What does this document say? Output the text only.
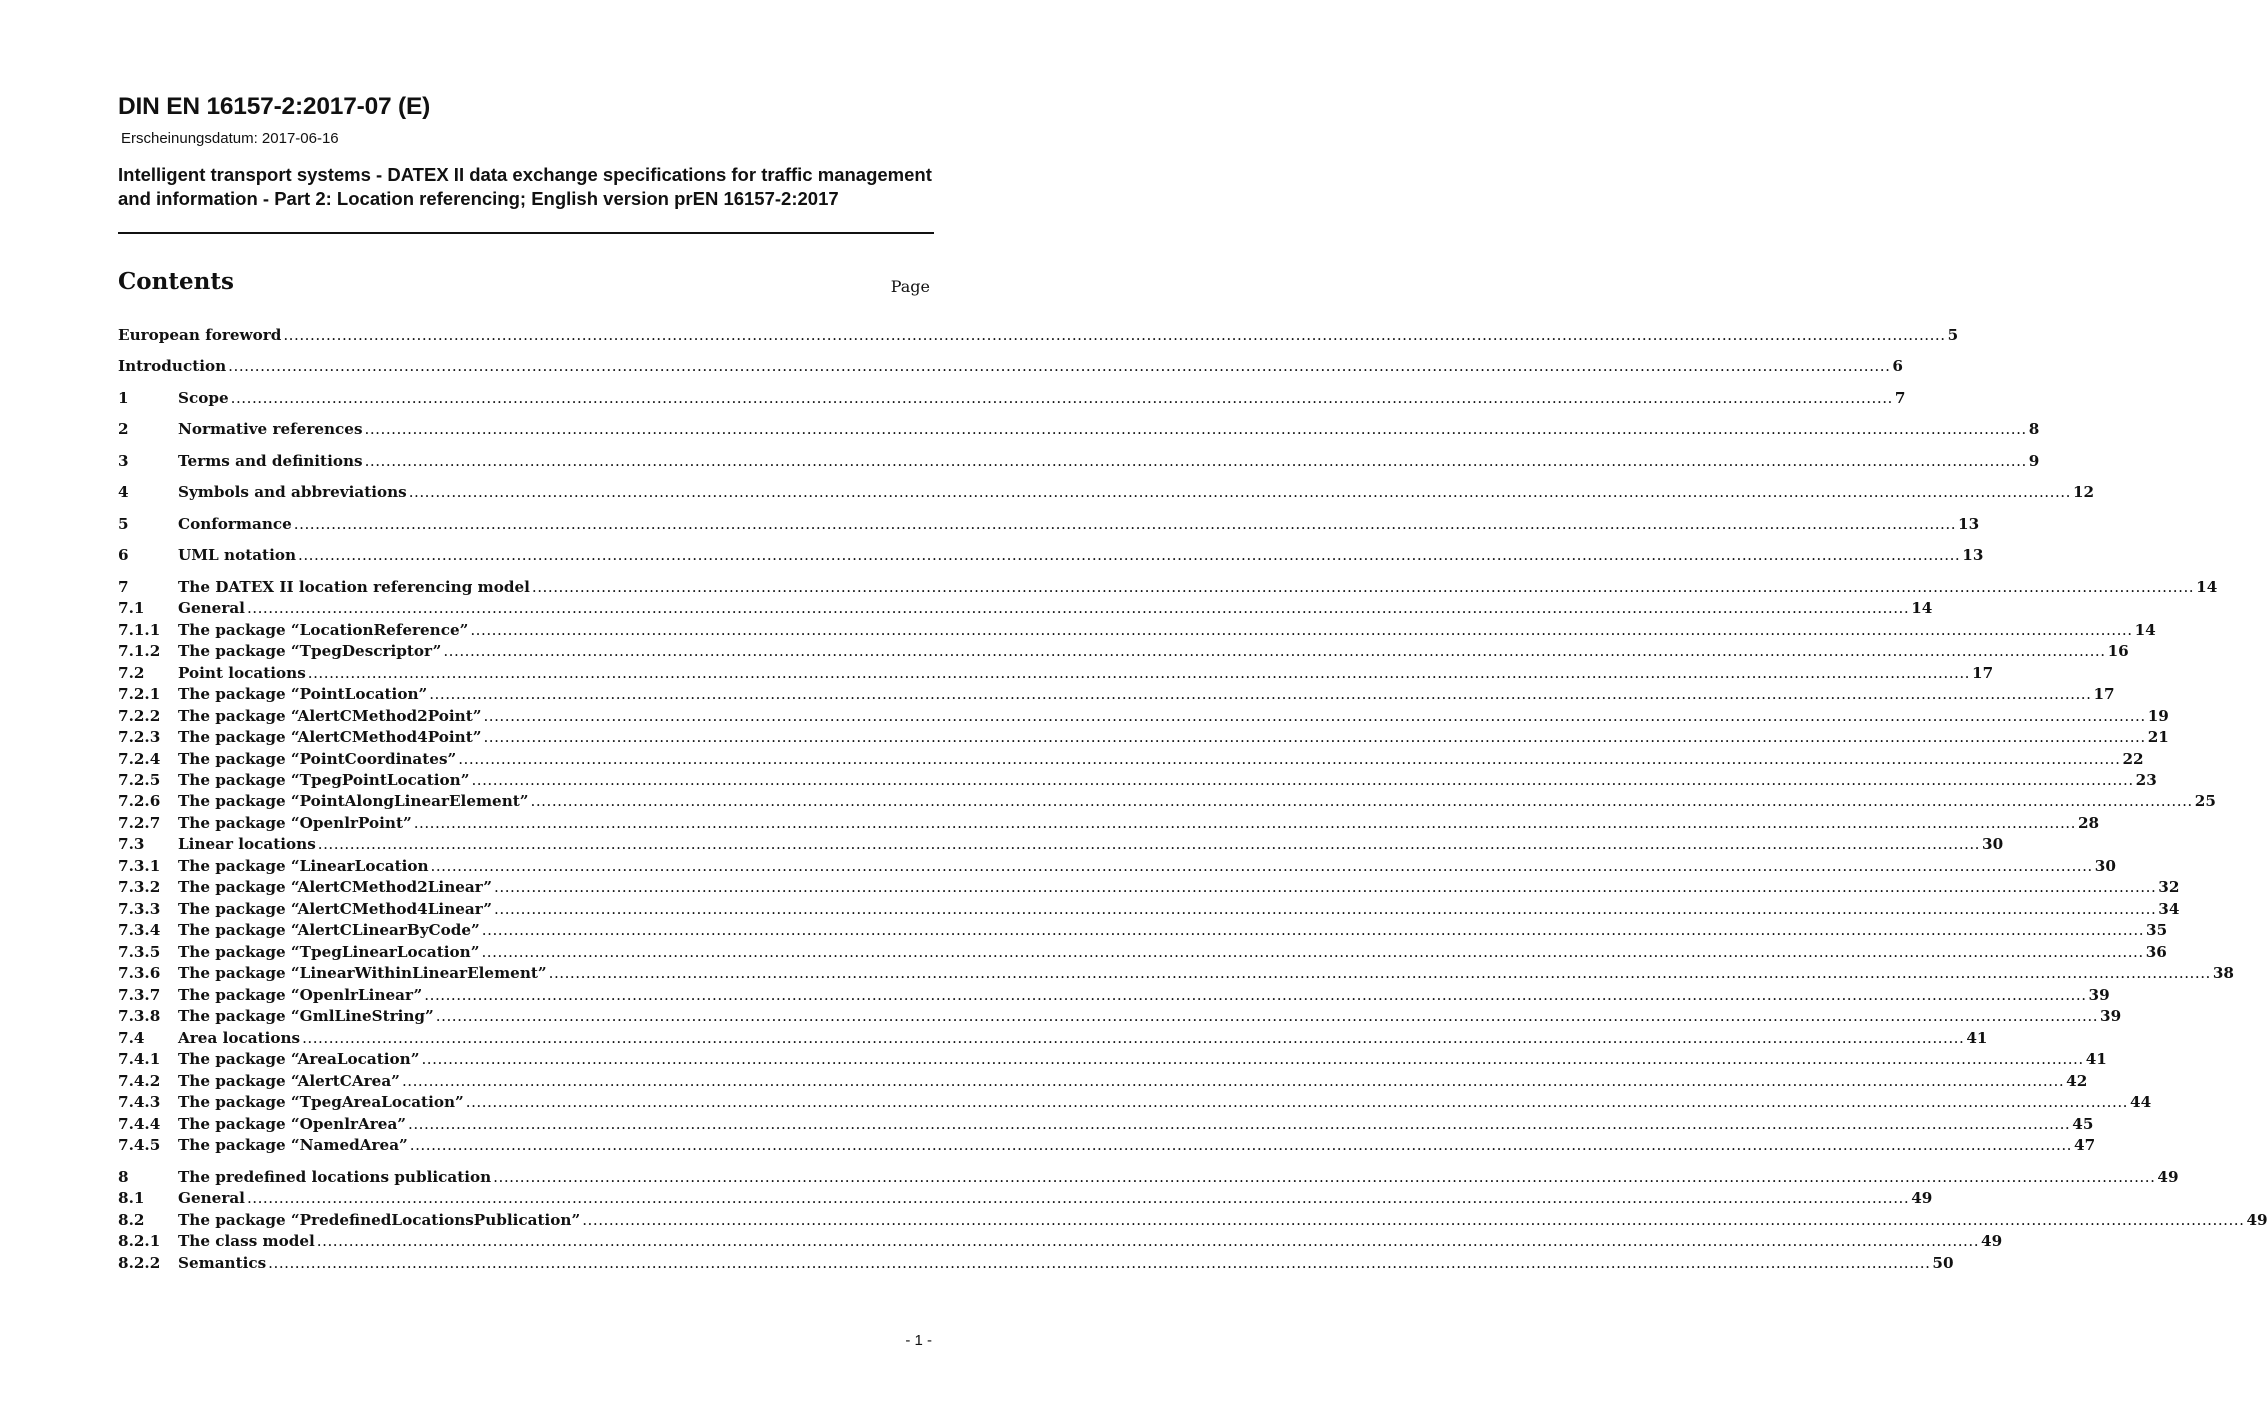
DIN EN 16157-2:2017-07 (E)
Erscheinungsdatum: 2017-06-16
Intelligent transport systems - DATEX II data exchange specifications for traffic management and information - Part 2: Location referencing; English version prEN 16157-2:2017
Contents	Page
European foreword .....	5
Introduction .....	6
1	Scope .....	7
2	Normative references .....	8
3	Terms and definitions .....	9
4	Symbols and abbreviations .....	12
5	Conformance .....	13
6	UML notation .....	13
7	The DATEX II location referencing model .....	14
7.1	General .....	14
7.1.1	The package “LocationReference” .....	14
7.1.2	The package “TpegDescriptor” .....	16
7.2	Point locations .....	17
7.2.1	The package “PointLocation” .....	17
7.2.2	The package “AlertCMethod2Point” .....	19
7.2.3	The package “AlertCMethod4Point” .....	21
7.2.4	The package “PointCoordinates” .....	22
7.2.5	The package “TpegPointLocation” .....	23
7.2.6	The package “PointAlongLinearElement” .....	25
7.2.7	The package “OpenlrPoint” .....	28
7.3	Linear locations .....	30
7.3.1	The package “LinearLocation .....	30
7.3.2	The package “AlertCMethod2Linear” .....	32
7.3.3	The package “AlertCMethod4Linear” .....	34
7.3.4	The package “AlertCLinearByCode” .....	35
7.3.5	The package “TpegLinearLocation” .....	36
7.3.6	The package “LinearWithinLinearElement” .....	38
7.3.7	The package “OpenlrLinear” .....	39
7.3.8	The package “GmlLineString” .....	39
7.4	Area locations .....	41
7.4.1	The package “AreaLocation” .....	41
7.4.2	The package “AlertCArea” .....	42
7.4.3	The package “TpegAreaLocation” .....	44
7.4.4	The package “OpenlrArea” .....	45
7.4.5	The package “NamedArea” .....	47
8	The predefined locations publication .....	49
8.1	General .....	49
8.2	The package “PredefinedLocationsPublication” .....	49
8.2.1	The class model .....	49
8.2.2	Semantics .....	50
- 1 -
